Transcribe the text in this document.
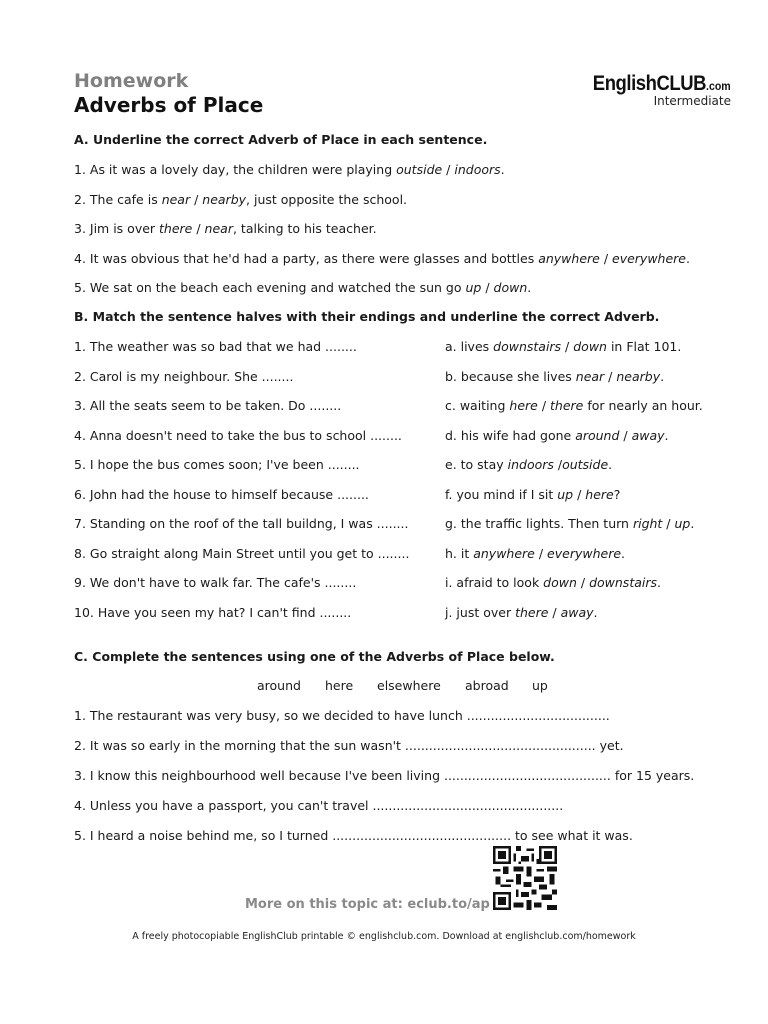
Homework
Adverbs of Place
EnglishCLUB.com
Intermediate
A. Underline the correct Adverb of Place in each sentence.
1. As it was a lovely day, the children were playing outside / indoors.
2. The cafe is near / nearby, just opposite the school.
3. Jim is over there / near, talking to his teacher.
4. It was obvious that he'd had a party, as there were glasses and bottles anywhere / everywhere.
5. We sat on the beach each evening and watched the sun go up / down.
B. Match the sentence halves with their endings and underline the correct Adverb.
1. The weather was so bad that we had ........
2. Carol is my neighbour. She ........
3. All the seats seem to be taken. Do ........
4. Anna doesn't need to take the bus to school ........
5. I hope the bus comes soon; I've been ........
6. John had the house to himself because ........
7. Standing on the roof of the tall buildng, I was ........
8. Go straight along Main Street until you get to ........
9. We don't have to walk far. The cafe's ........
10. Have you seen my hat? I can't find ........
a. lives downstairs / down in Flat 101.
b. because she lives near / nearby.
c. waiting here / there for nearly an hour.
d. his wife had gone around / away.
e. to stay indoors /outside.
f. you mind if I sit up / here?
g. the traffic lights. Then turn right / up.
h. it anywhere / everywhere.
i. afraid to look down / downstairs.
j. just over there / away.
C. Complete the sentences using one of the Adverbs of Place below.
around here elsewhere abroad up
1. The restaurant was very busy, so we decided to have lunch ....................................
2. It was so early in the morning that the sun wasn't ................................................ yet.
3. I know this neighbourhood well because I've been living .......................................... for 15 years.
4. Unless you have a passport, you can't travel ................................................
5. I heard a noise behind me, so I turned ............................................. to see what it was.
More on this topic at: eclub.to/ap
A freely photocopiable EnglishClub printable © englishclub.com. Download at englishclub.com/homework
